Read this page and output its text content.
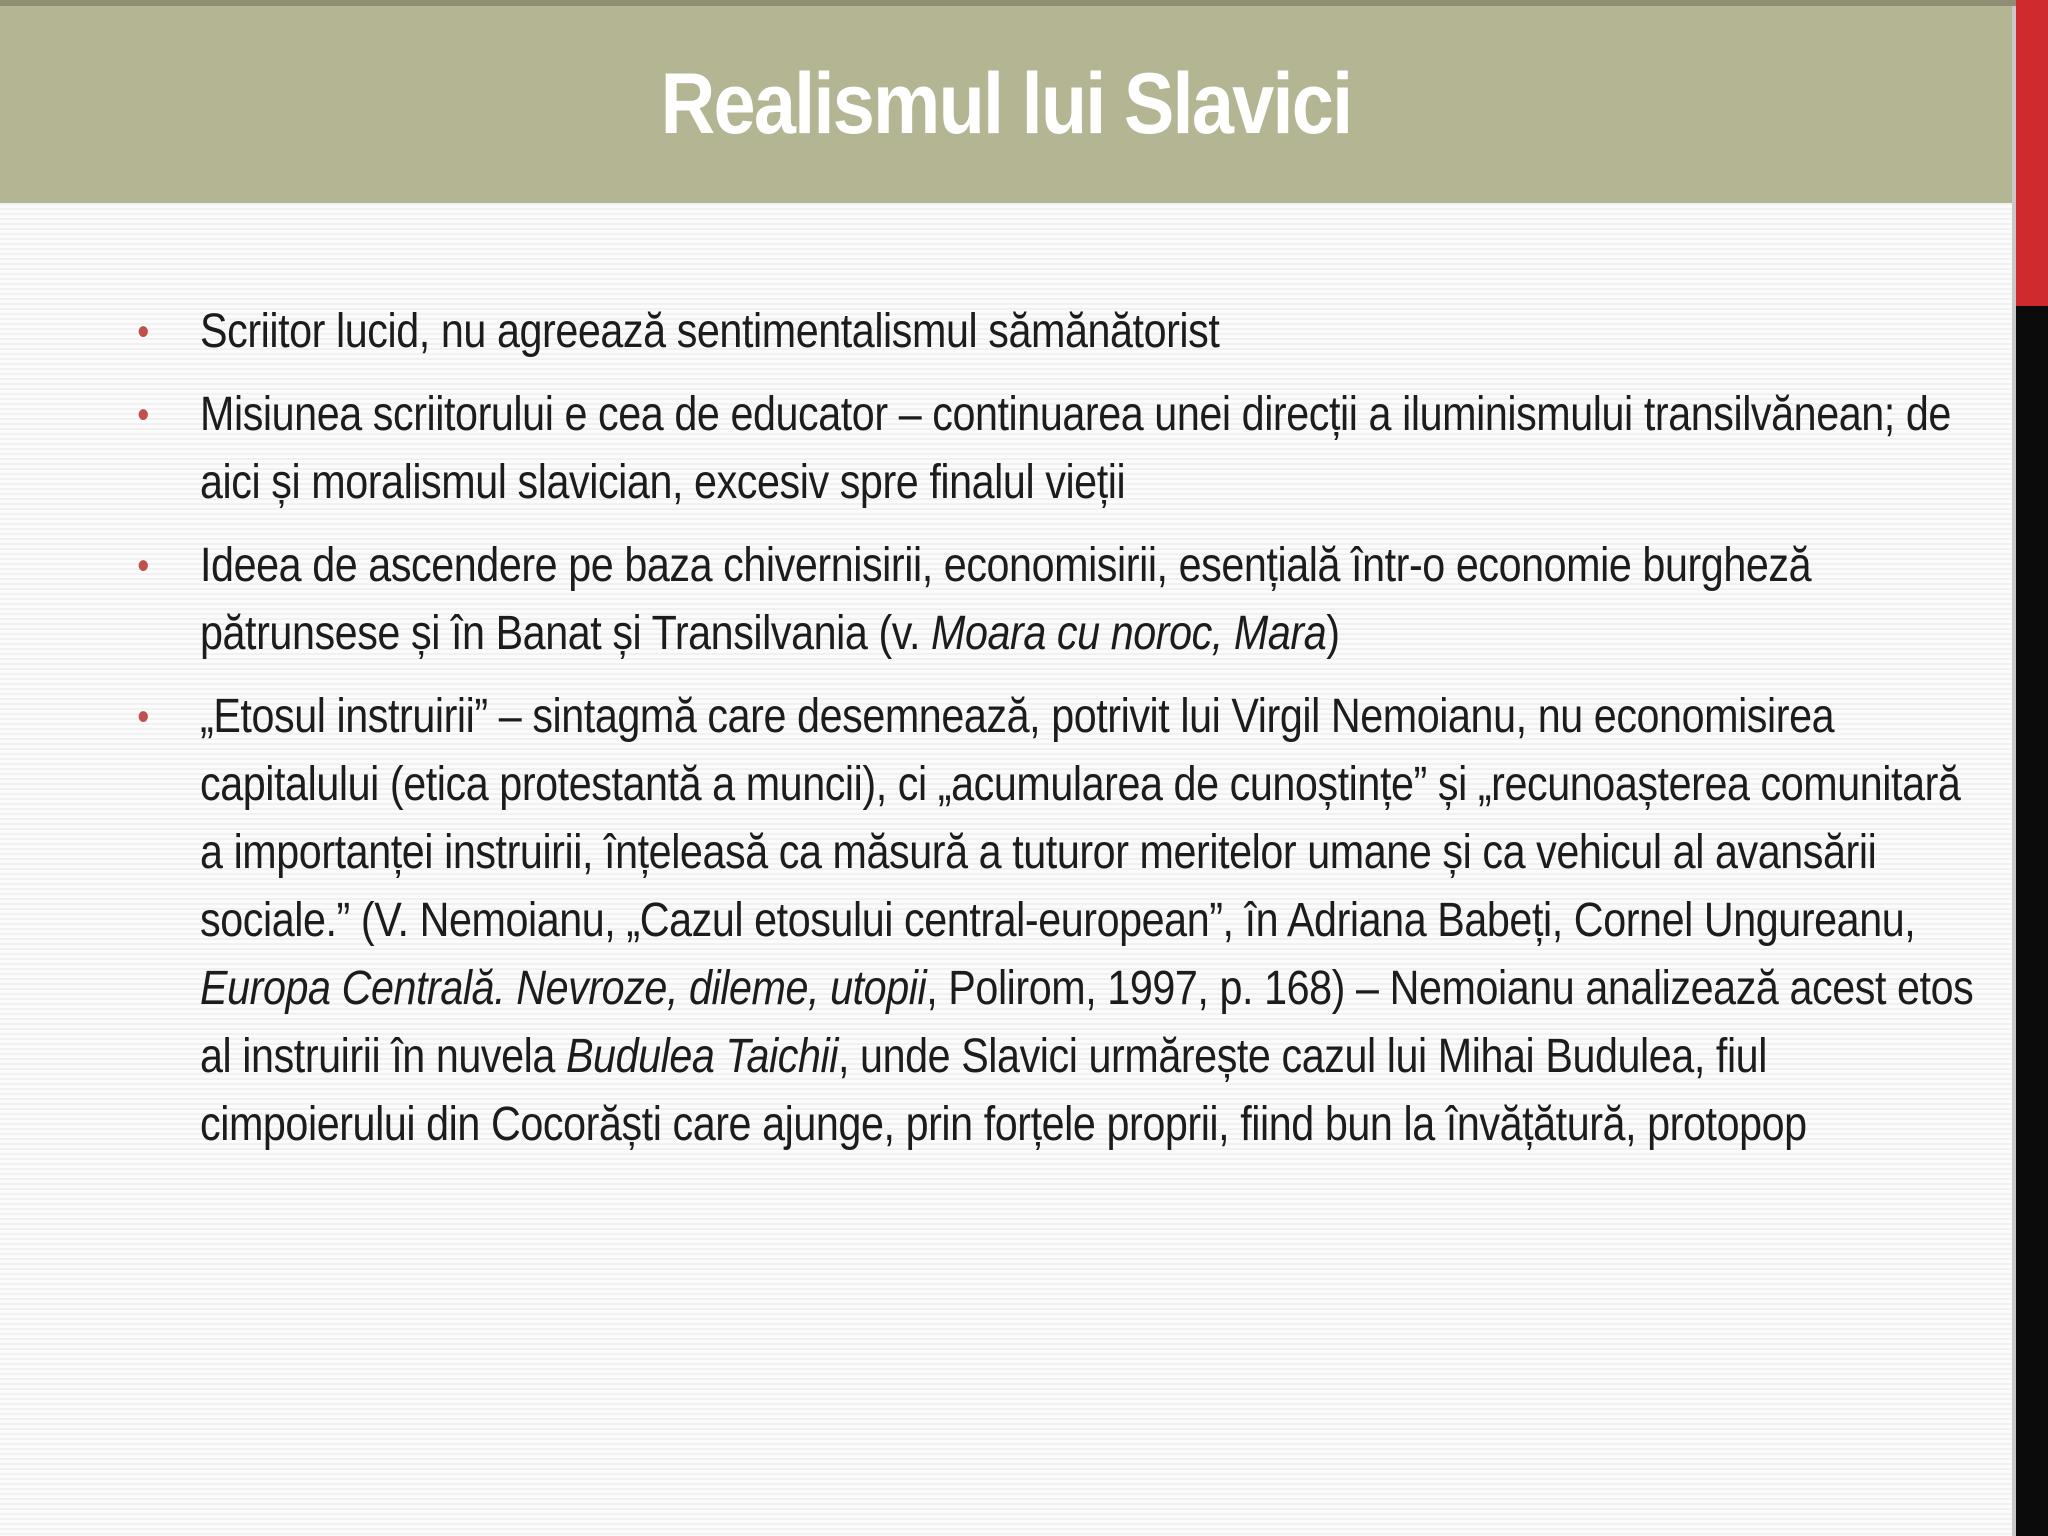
Realismul lui Slavici
• Scriitor lucid, nu agreează sentimentalismul sămănătorist
• Misiunea scriitorului e cea de educator – continuarea unei direcții a iluminismului transilvănean; de aici și moralismul slavician, excesiv spre finalul vieții
• Ideea de ascendere pe baza chivernisirii, economisirii, esențială într-o economie burgheză pătrunsese și în Banat și Transilvania (v. Moara cu noroc, Mara)
• „Etosul instruirii” – sintagmă care desemnează, potrivit lui Virgil Nemoianu, nu economisirea capitalului (etica protestantă a muncii), ci „acumularea de cunoștințe” și „recunoașterea comunitară a importanței instruirii, înțeleasă ca măsură a tuturor meritelor umane și ca vehicul al avansării sociale.” (V. Nemoianu, „Cazul etosului central-european”, în Adriana Babeți, Cornel Ungureanu, Europa Centrală. Nevroze, dileme, utopii, Polirom, 1997, p. 168) – Nemoianu analizează acest etos al instruirii în nuvela Budulea Taichii, unde Slavici urmărește cazul lui Mihai Budulea, fiul cimpoierului din Cocorăști care ajunge, prin forțele proprii, fiind bun la învățătură, protopop
